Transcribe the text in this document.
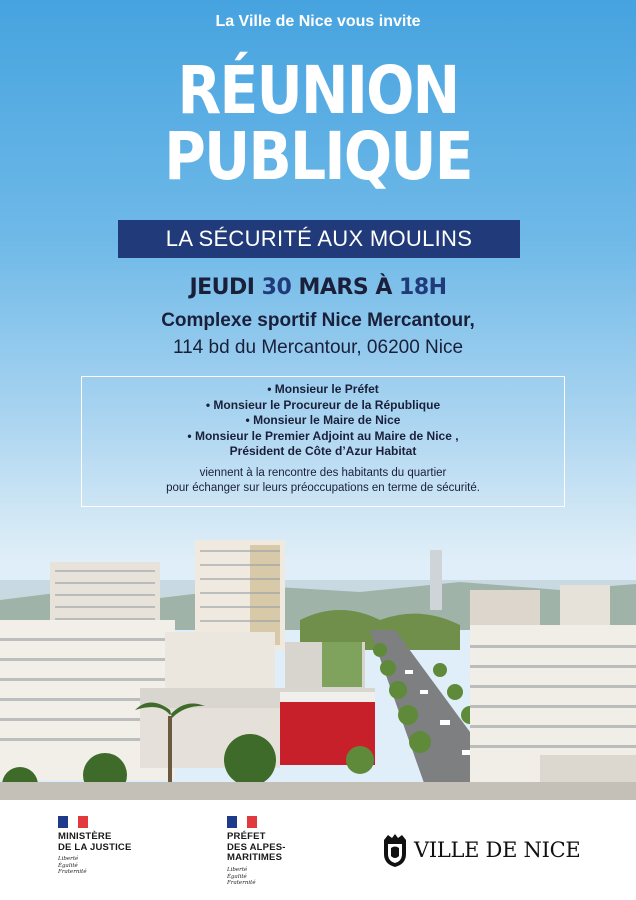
La Ville de Nice vous invite
RÉUNION
PUBLIQUE
LA SÉCURITÉ AUX MOULINS
JEUDI 30 MARS À 18H
Complexe sportif Nice Mercantour,
114 bd du Mercantour, 06200 Nice
• Monsieur le Préfet
• Monsieur le Procureur de la République
• Monsieur le Maire de Nice
• Monsieur le Premier Adjoint au Maire de Nice ,
Président de Côte d’Azur Habitat
viennent à la rencontre des habitants du quartier
pour échanger sur leurs préoccupations en terme de sécurité.
MINISTÈRE
DE LA JUSTICE
Liberté
Égalité
Fraternité
PRÉFET
DES ALPES-
MARITIMES
Liberté
Égalité
Fraternité
VILLE DE NICE
